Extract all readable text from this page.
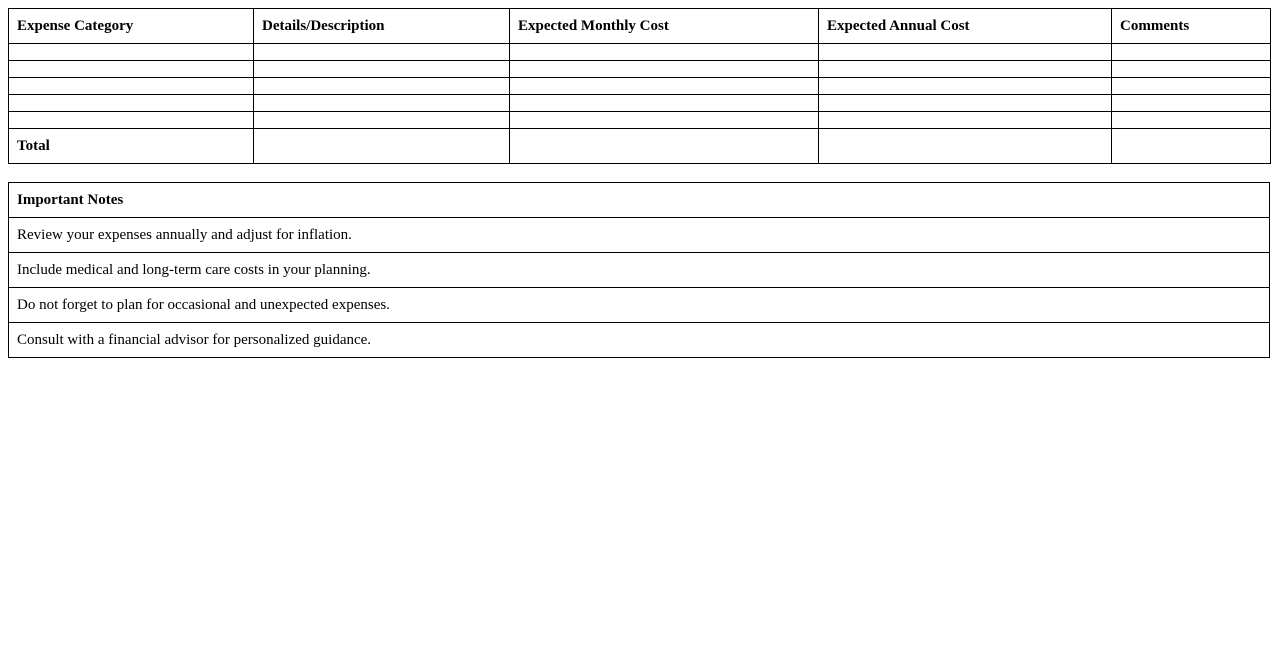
Expense Category	Details/Description	Expected Monthly Cost	Expected Annual Cost	Comments

Total				
Important Notes
Review your expenses annually and adjust for inflation.
Include medical and long-term care costs in your planning.
Do not forget to plan for occasional and unexpected expenses.
Consult with a financial advisor for personalized guidance.
